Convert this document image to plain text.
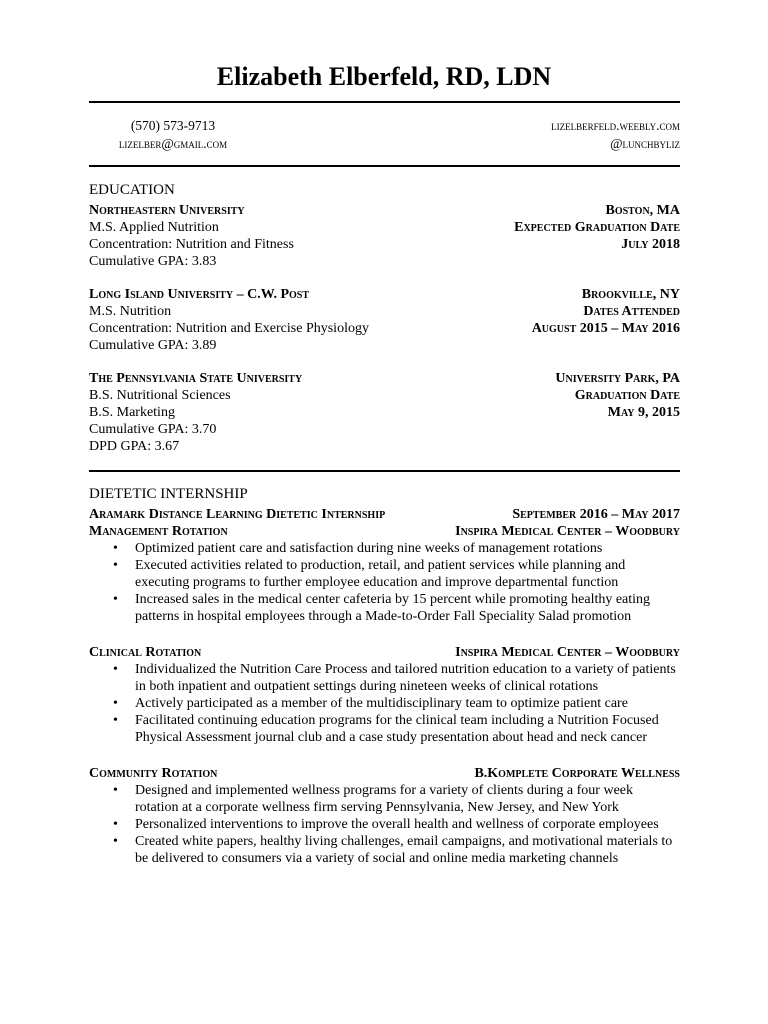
Elizabeth Elberfeld, RD, LDN
(570) 573-9713
lizelber@gmail.com
lizelberfeld.weebly.com
@lunchbyliz
EDUCATION
Northeastern University	Boston, MA
M.S. Applied Nutrition	Expected Graduation Date
Concentration: Nutrition and Fitness	July 2018
Cumulative GPA: 3.83
Long Island University – C.W. Post	Brookville, NY
M.S. Nutrition	Dates Attended
Concentration: Nutrition and Exercise Physiology	August 2015 – May 2016
Cumulative GPA: 3.89
The Pennsylvania State University	University Park, PA
B.S. Nutritional Sciences	Graduation Date
B.S. Marketing	May 9, 2015
Cumulative GPA: 3.70
DPD GPA: 3.67
DIETETIC INTERNSHIP
Aramark Distance Learning Dietetic Internship	September 2016 – May 2017
Management Rotation	Inspira Medical Center – Woodbury
• Optimized patient care and satisfaction during nine weeks of management rotations
• Executed activities related to production, retail, and patient services while planning and executing programs to further employee education and improve departmental function
• Increased sales in the medical center cafeteria by 15 percent while promoting healthy eating patterns in hospital employees through a Made-to-Order Fall Speciality Salad promotion
Clinical Rotation	Inspira Medical Center – Woodbury
• Individualized the Nutrition Care Process and tailored nutrition education to a variety of patients in both inpatient and outpatient settings during nineteen weeks of clinical rotations
• Actively participated as a member of the multidisciplinary team to optimize patient care
• Facilitated continuing education programs for the clinical team including a Nutrition Focused Physical Assessment journal club and a case study presentation about head and neck cancer
Community Rotation	B.Komplete Corporate Wellness
• Designed and implemented wellness programs for a variety of clients during a four week rotation at a corporate wellness firm serving Pennsylvania, New Jersey, and New York
• Personalized interventions to improve the overall health and wellness of corporate employees
• Created white papers, healthy living challenges, email campaigns, and motivational materials to be delivered to consumers via a variety of social and online media marketing channels
